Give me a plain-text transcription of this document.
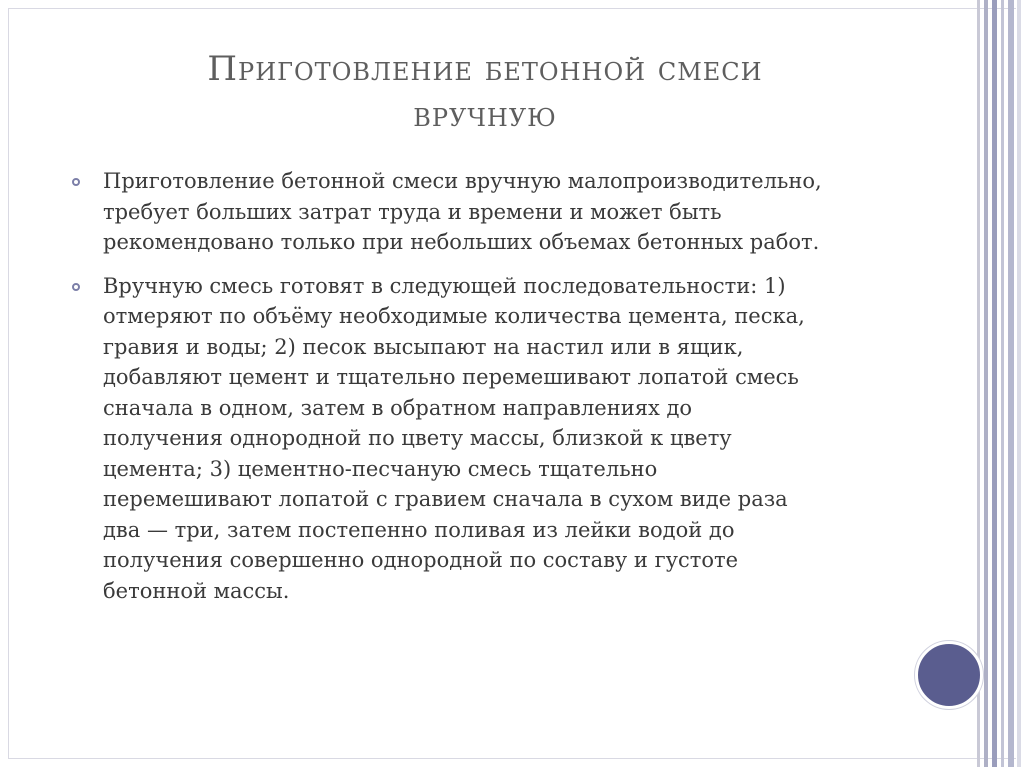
Приготовление бетонной смеси
вручную
Приготовление бетонной смеси вручную малопроизводительно,
требует больших затрат труда и времени и может быть
рекомендовано только при небольших объемах бетонных работ.
Вручную смесь готовят в следующей последовательности: 1)
отмеряют по объёму необходимые количества цемента, песка,
гравия и воды; 2) песок высыпают на настил или в ящик,
добавляют цемент и тщательно перемешивают лопатой смесь
сначала в одном, затем в обратном направлениях до
получения однородной по цвету массы, близкой к цвету
цемента; 3) цементно-песчаную смесь тщательно
перемешивают лопатой с гравием сначала в сухом виде раза
два — три, затем постепенно поливая из лейки водой до
получения совершенно однородной по составу и густоте
бетонной массы.
